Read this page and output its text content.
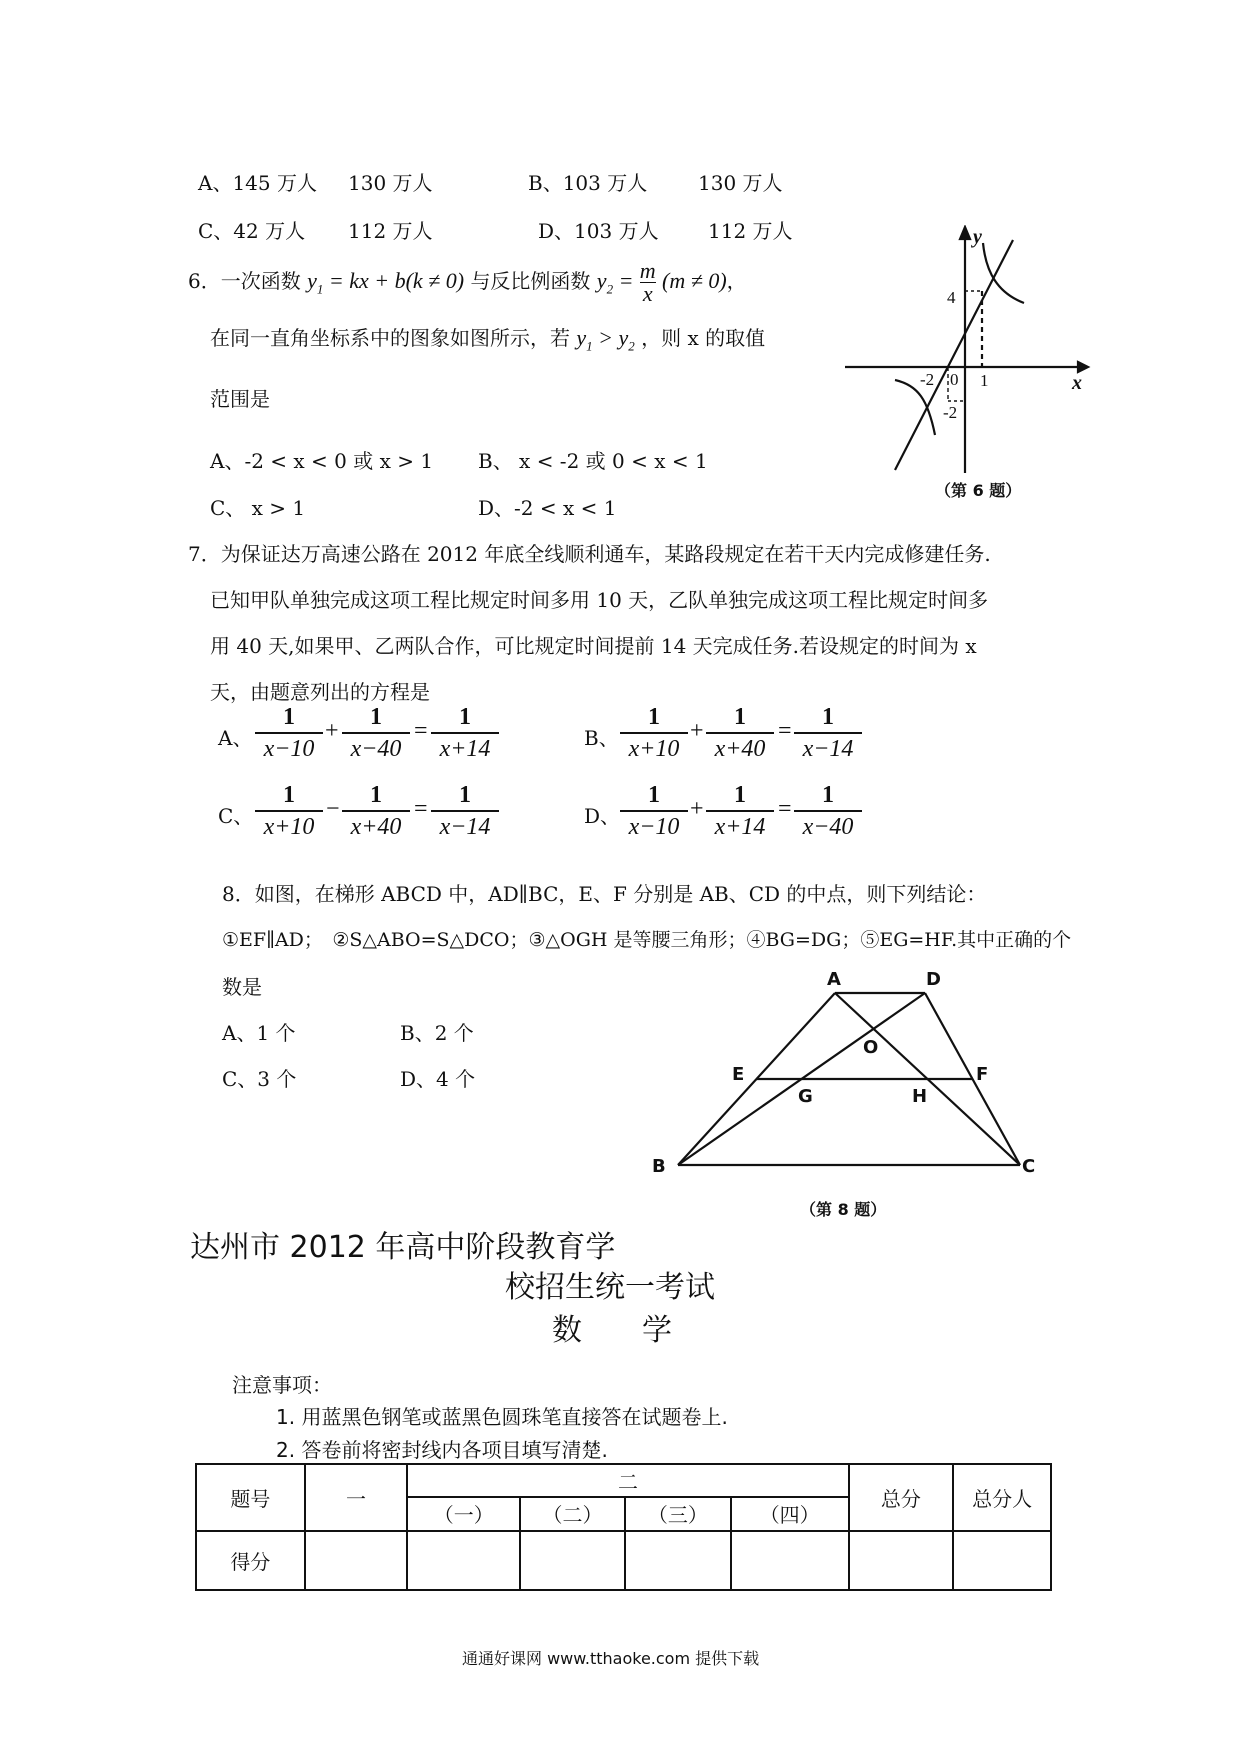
A、145 万人 130 万人	B、103 万人	130 万人
C、42 万人 112 万人	D、103 万人 112 万人
6．一次函数 $y_1$ = kx + b(k ≠ 0) 与反比例函数 $y_2 = \frac{m}{x} (m \ne 0)$，
在同一直角坐标系中的图象如图所示，若 $y_1 > y_2$ ，则 x 的取值
范围是
A、-2 < x < 0 或 x > 1 B、 x < -2 或 0 < x < 1
C、 x > 1	D、-2 < x < 1
y
x
4
1
-2 0
-2
（第 6 题）
7．为保证达万高速公路在 2012 年底全线顺利通车，某路段规定在若干天内完成修建任务.
已知甲队单独完成这项工程比规定时间多用 10 天，乙队单独完成这项工程比规定时间多
用 40 天,如果甲、乙两队合作，可比规定时间提前 14 天完成任务.若设规定的时间为 x
天，由题意列出的方程是
A、
1
x−10
+
1
x−40
=
1
x+14	B、
1
x+10
+
1
x+40
=
1
x−14
C、
1
x+10
−
1
x+40
=
1
x−14	D、
1
x−10
+
1
x+14
=
1
x−40
8．如图，在梯形 ABCD 中，AD∥BC，E、F 分别是 AB、CD 的中点，则下列结论：
①EF∥AD；　②S△ABO=S△DCO；③△OGH 是等腰三角形；④BG=DG；⑤EG=HF.其中正确的个
数是
A、1 个	B、2 个
C、3 个	D、4 个
A	D
O
E	F
G	H
B	C
（第 8 题）
达州市 2012 年高中阶段教育学
校招生统一考试
数　　学
注意事项：
1. 用蓝黑色钢笔或蓝黑色圆珠笔直接答在试题卷上.
2. 答卷前将密封线内各项目填写清楚.
题号	一	二				总分	总分人
		（一）	（二）	（三）	（四）		
得分							
通通好课网 www.tthaoke.com 提供下载
